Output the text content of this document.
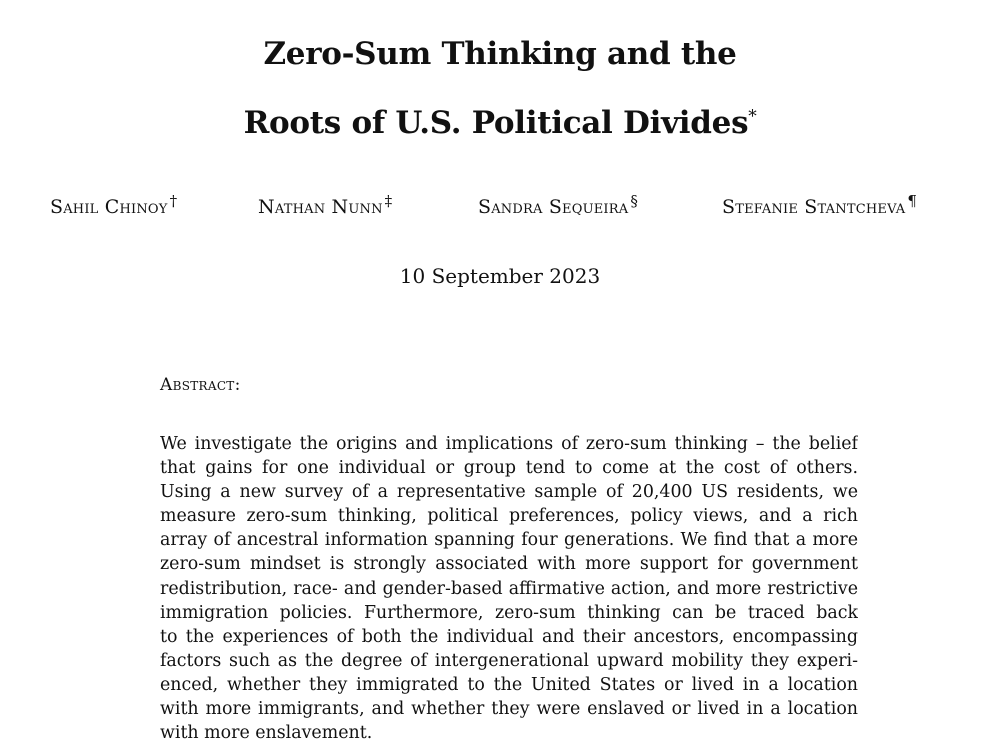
Zero-Sum Thinking and the
Roots of U.S. Political Divides*
Sahil Chinoy †	Nathan Nunn ‡	Sandra Sequeira §	Stefanie Stantcheva ¶
10 September 2023
Abstract:
We investigate the origins and implications of zero-sum thinking – the belief
that gains for one individual or group tend to come at the cost of others.
Using a new survey of a representative sample of 20,400 US residents, we
measure zero-sum thinking, political preferences, policy views, and a rich
array of ancestral information spanning four generations. We find that a more
zero-sum mindset is strongly associated with more support for government
redistribution, race- and gender-based affirmative action, and more restrictive
immigration policies. Furthermore, zero-sum thinking can be traced back
to the experiences of both the individual and their ancestors, encompassing
factors such as the degree of intergenerational upward mobility they experi-
enced, whether they immigrated to the United States or lived in a location
with more immigrants, and whether they were enslaved or lived in a location
with more enslavement.
